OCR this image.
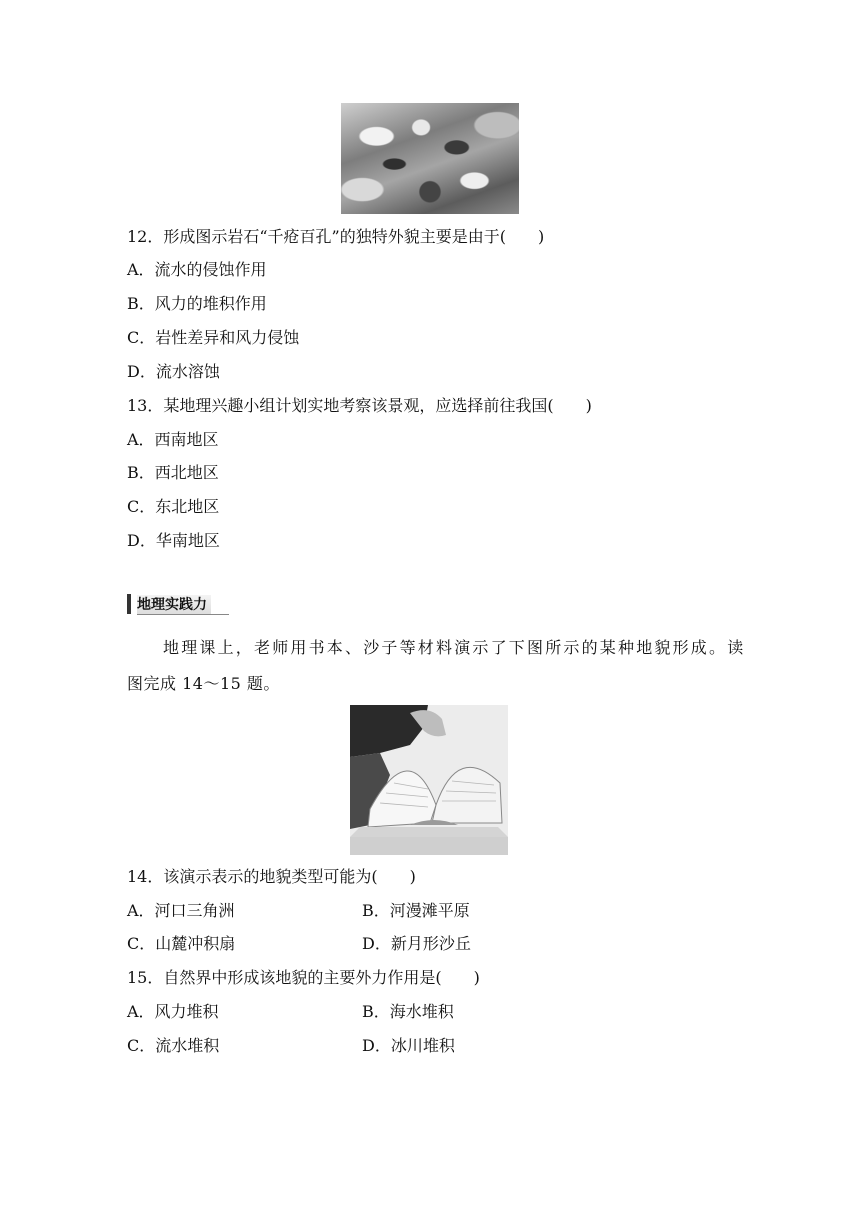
12．形成图示岩石“千疮百孔”的独特外貌主要是由于(　　)
A．流水的侵蚀作用
B．风力的堆积作用
C．岩性差异和风力侵蚀
D．流水溶蚀
13．某地理兴趣小组计划实地考察该景观，应选择前往我国(　　)
A．西南地区
B．西北地区
C．东北地区
D．华南地区
地理实践力
地理课上，老师用书本、沙子等材料演示了下图所示的某种地貌形成。读
图完成 14～15 题。
14．该演示表示的地貌类型可能为(　　)
A．河口三角洲	B．河漫滩平原
C．山麓冲积扇	D．新月形沙丘
15．自然界中形成该地貌的主要外力作用是(　　)
A．风力堆积	B．海水堆积
C．流水堆积	D．冰川堆积
